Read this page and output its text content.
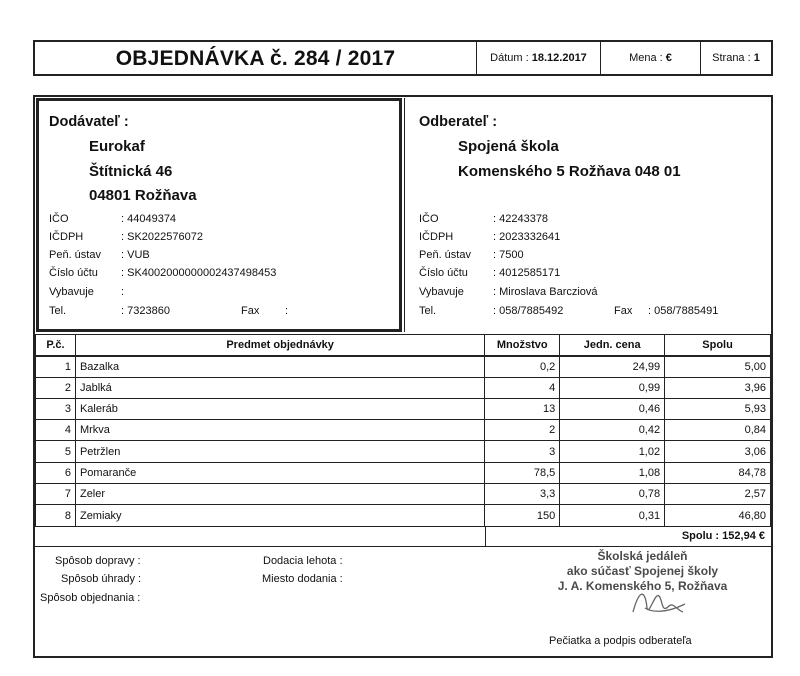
OBJEDNÁVKA č. 284 / 2017	Dátum : 18.12.2017	Mena : €	Strana : 1
Dodávateľ :
Eurokaf
Štítnická 46
04801 Rožňava
IČO	: 44049374
IČDPH	: SK2022576072
Peň. ústav : VUB
Číslo účtu : SK4002000000002437498453
Vybavuje :
Tel.	: 7323860	Fax :
Odberateľ :
Spojená škola
Komenského 5 Rožňava 048 01
IČO	: 42243378
IČDPH	: 2023332641
Peň. ústav : 7500
Číslo účtu : 4012585171
Vybavuje	: Miroslava Barcziová
Tel.	: 058/7885492	Fax : 058/7885491
P.č.	Predmet objednávky	Množstvo	Jedn. cena	Spolu
1	Bazalka	0,2	24,99	5,00
2	Jablká	4	0,99	3,96
3	Kaleráb	13	0,46	5,93
4	Mrkva	2	0,42	0,84
5	Petržlen	3	1,02	3,06
6	Pomaranče	78,5	1,08	84,78
7	Zeler	3,3	0,78	2,57
8	Zemiaky	150	0,31	46,80
Spolu : 152,94 €
Spôsob dopravy :	Dodacia lehota :
Spôsob úhrady :	Miesto dodania :
Spôsob objednania :
Školská jedáleň
ako súčasť Spojenej školy
J. A. Komenského 5, Rožňava
Pečiatka a podpis odberateľa
